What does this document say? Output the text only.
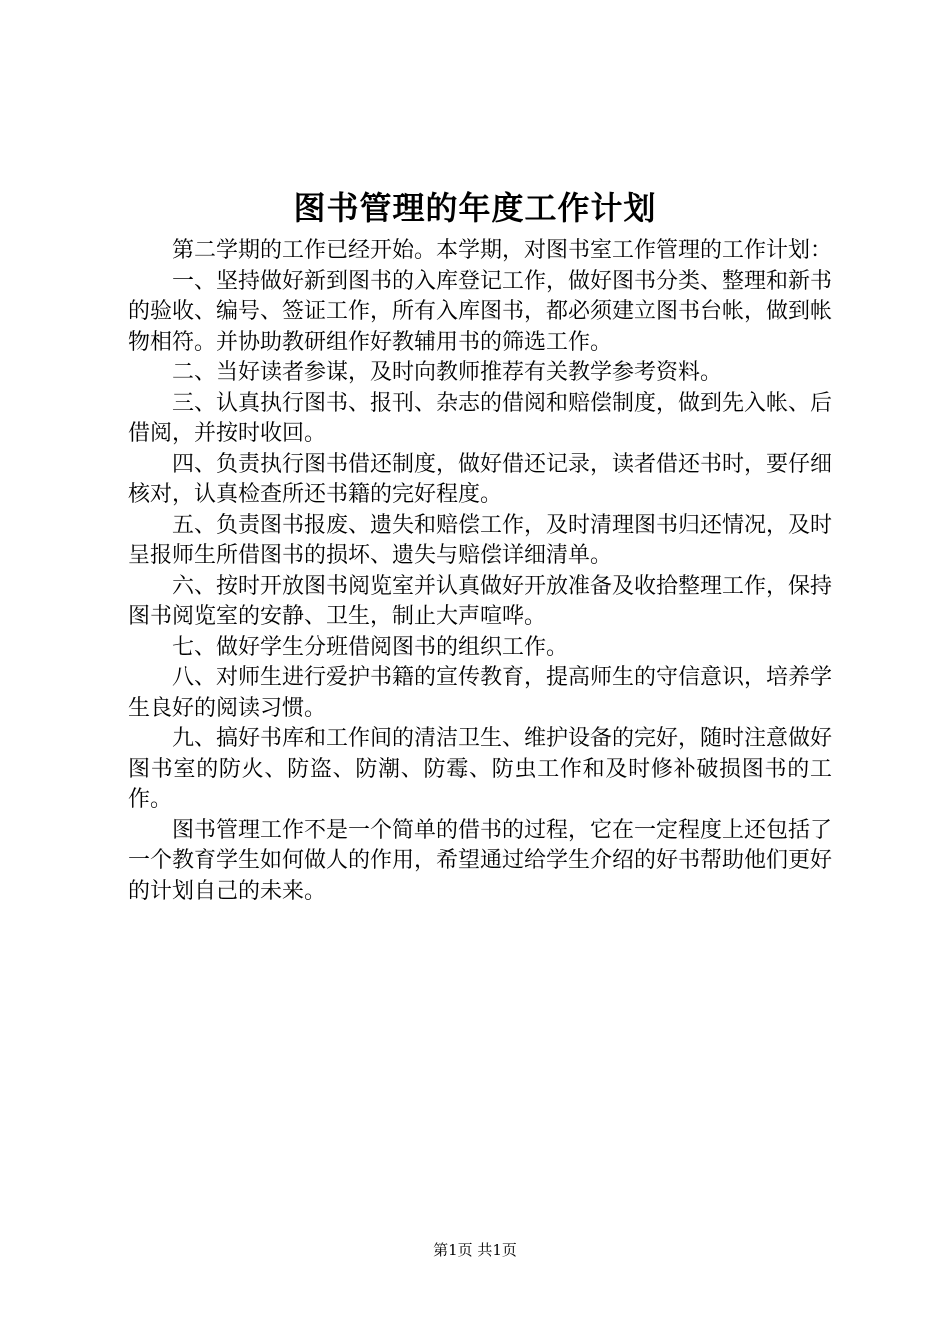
图书管理的年度工作计划

第二学期的工作已经开始。本学期，对图书室工作管理的工作计划：

一、坚持做好新到图书的入库登记工作，做好图书分类、整理和新书的验收、编号、签证工作，所有入库图书，都必须建立图书台帐，做到帐物相符。并协助教研组作好教辅用书的筛选工作。

二、当好读者参谋，及时向教师推荐有关教学参考资料。

三、认真执行图书、报刊、杂志的借阅和赔偿制度，做到先入帐、后借阅，并按时收回。

四、负责执行图书借还制度，做好借还记录，读者借还书时，要仔细核对，认真检查所还书籍的完好程度。

五、负责图书报废、遗失和赔偿工作，及时清理图书归还情况，及时呈报师生所借图书的损坏、遗失与赔偿详细清单。

六、按时开放图书阅览室并认真做好开放准备及收拾整理工作，保持图书阅览室的安静、卫生，制止大声喧哗。

七、做好学生分班借阅图书的组织工作。

八、对师生进行爱护书籍的宣传教育，提高师生的守信意识，培养学生良好的阅读习惯。

九、搞好书库和工作间的清洁卫生、维护设备的完好，随时注意做好图书室的防火、防盗、防潮、防霉、防虫工作和及时修补破损图书的工作。

图书管理工作不是一个简单的借书的过程，它在一定程度上还包括了一个教育学生如何做人的作用，希望通过给学生介绍的好书帮助他们更好的计划自己的未来。

第1页 共1页
